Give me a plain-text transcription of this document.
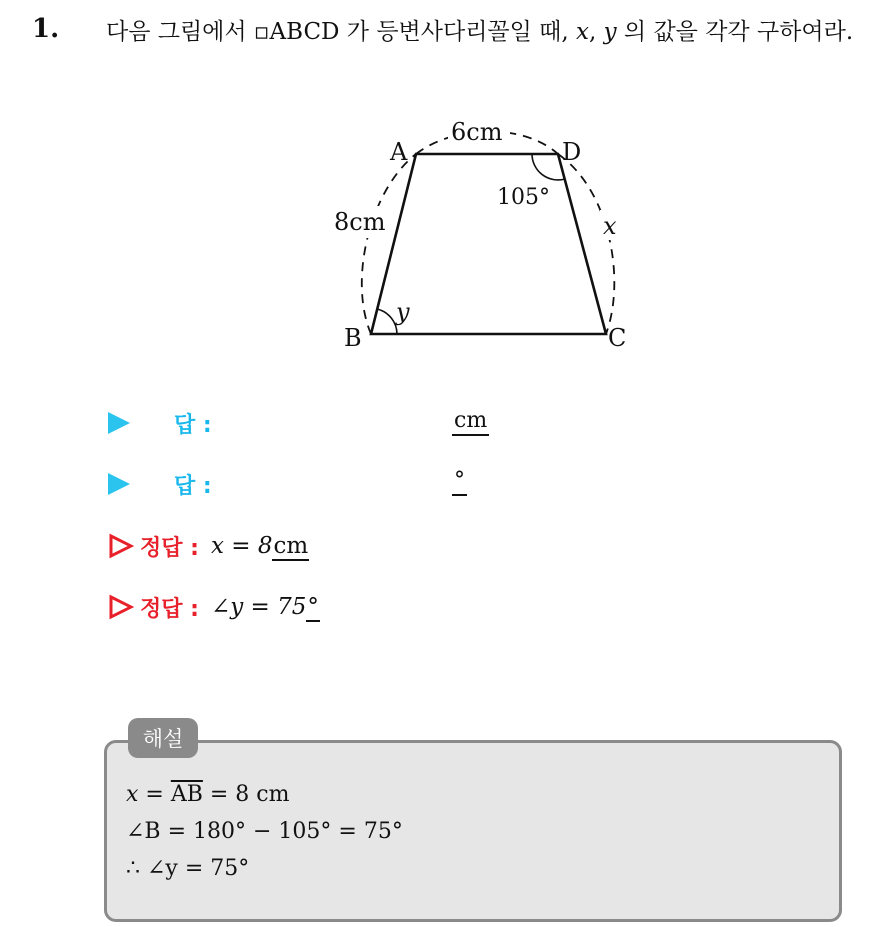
1. 다음 그림에서 ▫ABCD 가 등변사다리꼴일 때, x, y 의 값을 각각 구하여라.
A	D
B	C
6cm
8cm	x
105°
y
답 :	cm
답 :	°
정답 : x = 8cm
정답 : ∠y = 75°
해설
$x = \overline{AB} = 8$ cm
∠B = 180° − 105° = 75°
∴ ∠y = 75°
